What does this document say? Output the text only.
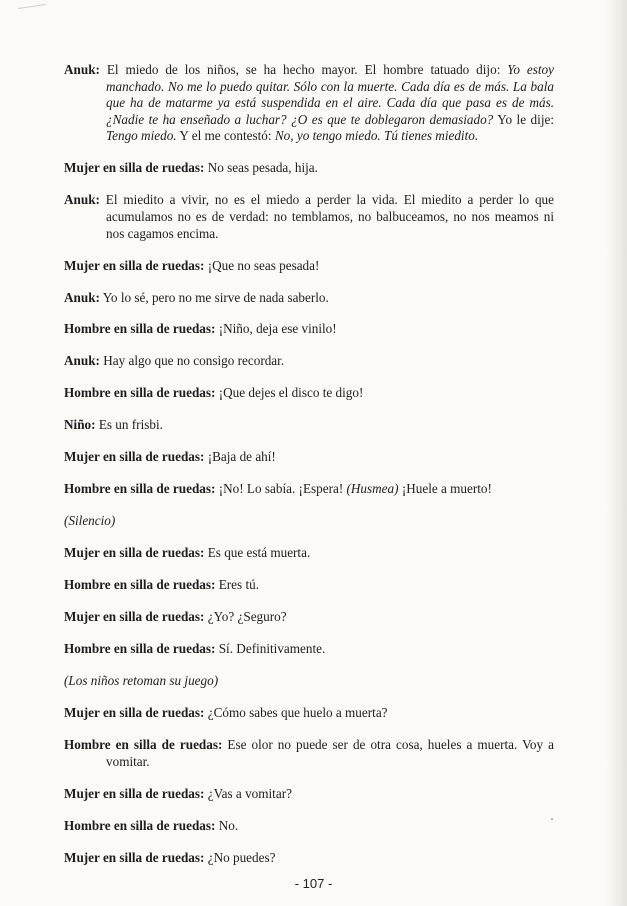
Anuk: El miedo de los niños, se ha hecho mayor. El hombre tatuado dijo: Yo estoy manchado. No me lo puedo quitar. Sólo con la muerte. Cada día es de más. La bala que ha de matarme ya está suspendida en el aire. Cada día que pasa es de más. ¿Nadie te ha enseñado a luchar? ¿O es que te doblegaron demasiado? Yo le dije: Tengo miedo. Y el me contestó: No, yo tengo miedo. Tú tienes miedito.

Mujer en silla de ruedas: No seas pesada, hija.

Anuk: El miedito a vivir, no es el miedo a perder la vida. El miedito a perder lo que acumulamos no es de verdad: no temblamos, no balbuceamos, no nos meamos ni nos cagamos encima.

Mujer en silla de ruedas: ¡Que no seas pesada!

Anuk: Yo lo sé, pero no me sirve de nada saberlo.

Hombre en silla de ruedas: ¡Niño, deja ese vinilo!

Anuk: Hay algo que no consigo recordar.

Hombre en silla de ruedas: ¡Que dejes el disco te digo!

Niño: Es un frisbi.

Mujer en silla de ruedas: ¡Baja de ahí!

Hombre en silla de ruedas: ¡No! Lo sabía. ¡Espera! (Husmea) ¡Huele a muerto!

(Silencio)

Mujer en silla de ruedas: Es que está muerta.

Hombre en silla de ruedas: Eres tú.

Mujer en silla de ruedas: ¿Yo? ¿Seguro?

Hombre en silla de ruedas: Sí. Definitivamente.

(Los niños retoman su juego)

Mujer en silla de ruedas: ¿Cómo sabes que huelo a muerta?

Hombre en silla de ruedas: Ese olor no puede ser de otra cosa, hueles a muerta. Voy a vomitar.

Mujer en silla de ruedas: ¿Vas a vomitar?

Hombre en silla de ruedas: No.

Mujer en silla de ruedas: ¿No puedes?

- 107 -
